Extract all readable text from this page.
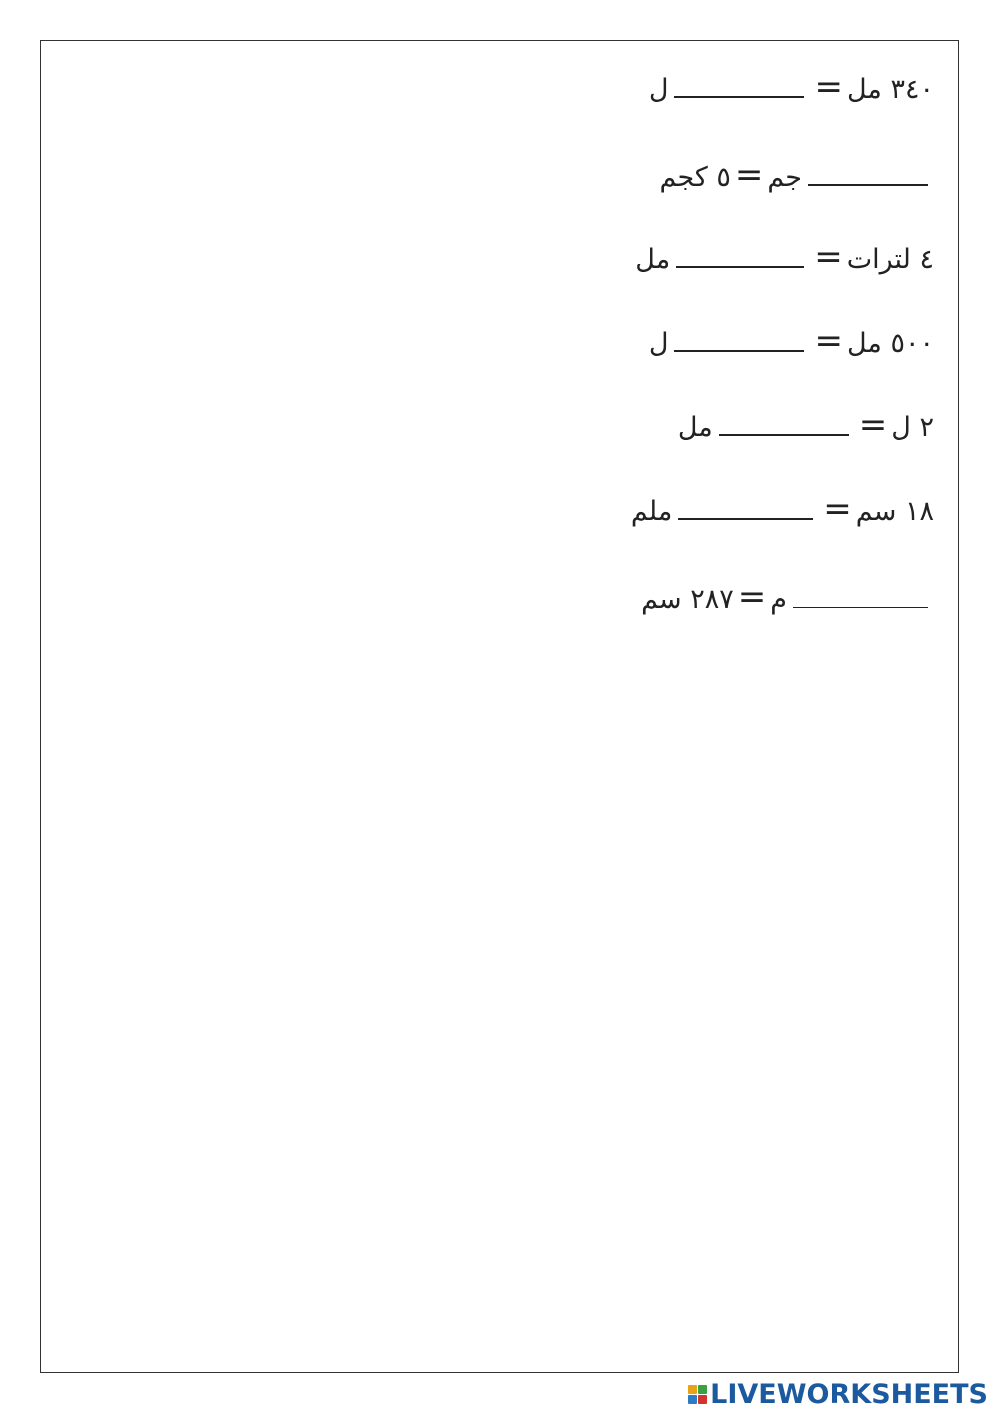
٣٤٠ مل
=
ل
جم
=
٥ كجم
٤ لترات
=
مل
٥٠٠ مل
=
ل
٢ ل
=
مل
١٨ سم
=
ملم
م
=
٢٨٧ سم
LIVEWORKSHEETS
